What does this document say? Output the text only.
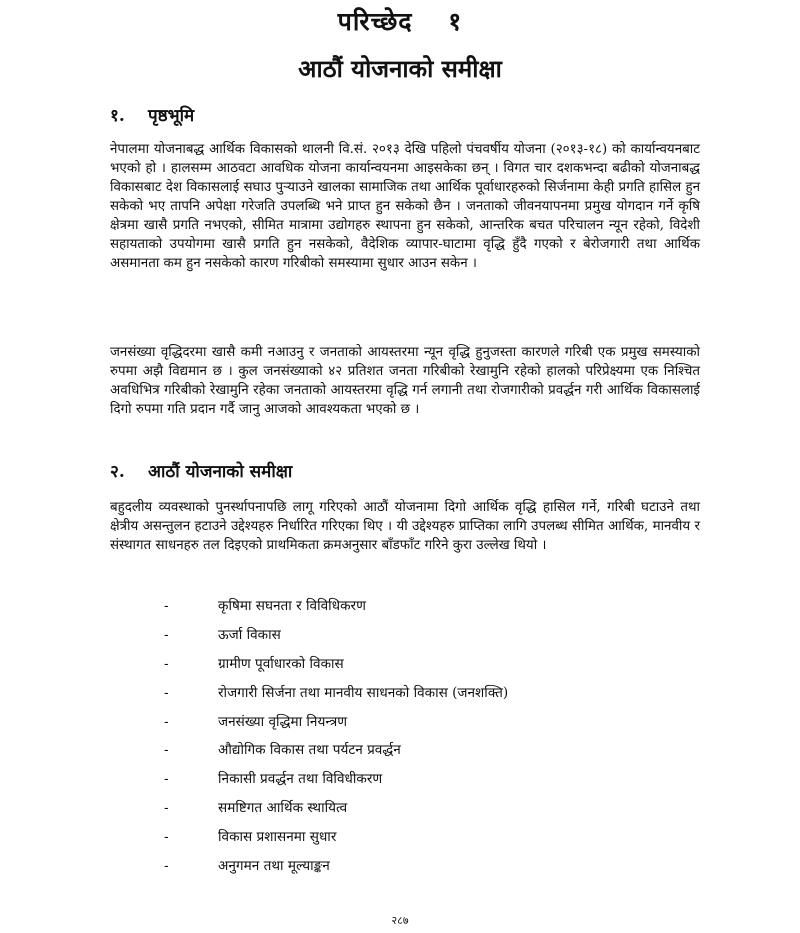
परिच्छेद १
आठौं योजनाको समीक्षा
१. पृष्ठभूमि

नेपालमा योजनाबद्ध आर्थिक विकासको थालनी वि.सं. २०१३ देखि पहिलो पंचवर्षीय योजना (२०१३-१८) को कार्यान्वयनबाट भएको हो । हालसम्म आठवटा आवधिक योजना कार्यान्वयनमा आइसकेका छन् । विगत चार दशकभन्दा बढीको योजनाबद्ध विकासबाट देश विकासलाई सघाउ पुऱ्याउने खालका सामाजिक तथा आर्थिक पूर्वाधारहरुको सिर्जनामा केही प्रगति हासिल हुन सकेको भए तापनि अपेक्षा गरेजति उपलब्धि भने प्राप्त हुन सकेको छैन । जनताको जीवनयापनमा प्रमुख योगदान गर्ने कृषि क्षेत्रमा खासै प्रगति नभएको, सीमित मात्रामा उद्योगहरु स्थापना हुन सकेको, आन्तरिक बचत परिचालन न्यून रहेको, विदेशी सहायताको उपयोगमा खासै प्रगति हुन नसकेको, वैदेशिक व्यापार-घाटामा वृद्धि हुँदै गएको र बेरोजगारी तथा आर्थिक असमानता कम हुन नसकेको कारण गरिबीको समस्यामा सुधार आउन सकेन ।

जनसंख्या वृद्धिदरमा खासै कमी नआउनु र जनताको आयस्तरमा न्यून वृद्धि हुनुजस्ता कारणले गरिबी एक प्रमुख समस्याको रुपमा अझै विद्यमान छ । कुल जनसंख्याको ४२ प्रतिशत जनता गरिबीको रेखामुनि रहेको हालको परिप्रेक्ष्यमा एक निश्चित अवधिभित्र गरिबीको रेखामुनि रहेका जनताको आयस्तरमा वृद्धि गर्न लगानी तथा रोजगारीको प्रवर्द्धन गरी आर्थिक विकासलाई दिगो रुपमा गति प्रदान गर्दै जानु आजको आवश्यकता भएको छ ।

२. आठौं योजनाको समीक्षा

बहुदलीय व्यवस्थाको पुनर्स्थापनापछि लागू गरिएको आठौं योजनामा दिगो आर्थिक वृद्धि हासिल गर्ने, गरिबी घटाउने तथा क्षेत्रीय असन्तुलन हटाउने उद्देश्यहरु निर्धारित गरिएका थिए । यी उद्देश्यहरु प्राप्तिका लागि उपलब्ध सीमित आर्थिक, मानवीय र संस्थागत साधनहरु तल दिइएको प्राथमिकता क्रमअनुसार बाँडफाँट गरिने कुरा उल्लेख थियो ।

-	कृषिमा सघनता र विविधिकरण
-	ऊर्जा विकास
-	ग्रामीण पूर्वाधारको विकास
-	रोजगारी सिर्जना तथा मानवीय साधनको विकास (जनशक्ति)
-	जनसंख्या वृद्धिमा नियन्त्रण
-	औद्योगिक विकास तथा पर्यटन प्रवर्द्धन
-	निकासी प्रवर्द्धन तथा विविधीकरण
-	समष्टिगत आर्थिक स्थायित्व
-	विकास प्रशासनमा सुधार
-	अनुगमन तथा मूल्याङ्कन
२८७
